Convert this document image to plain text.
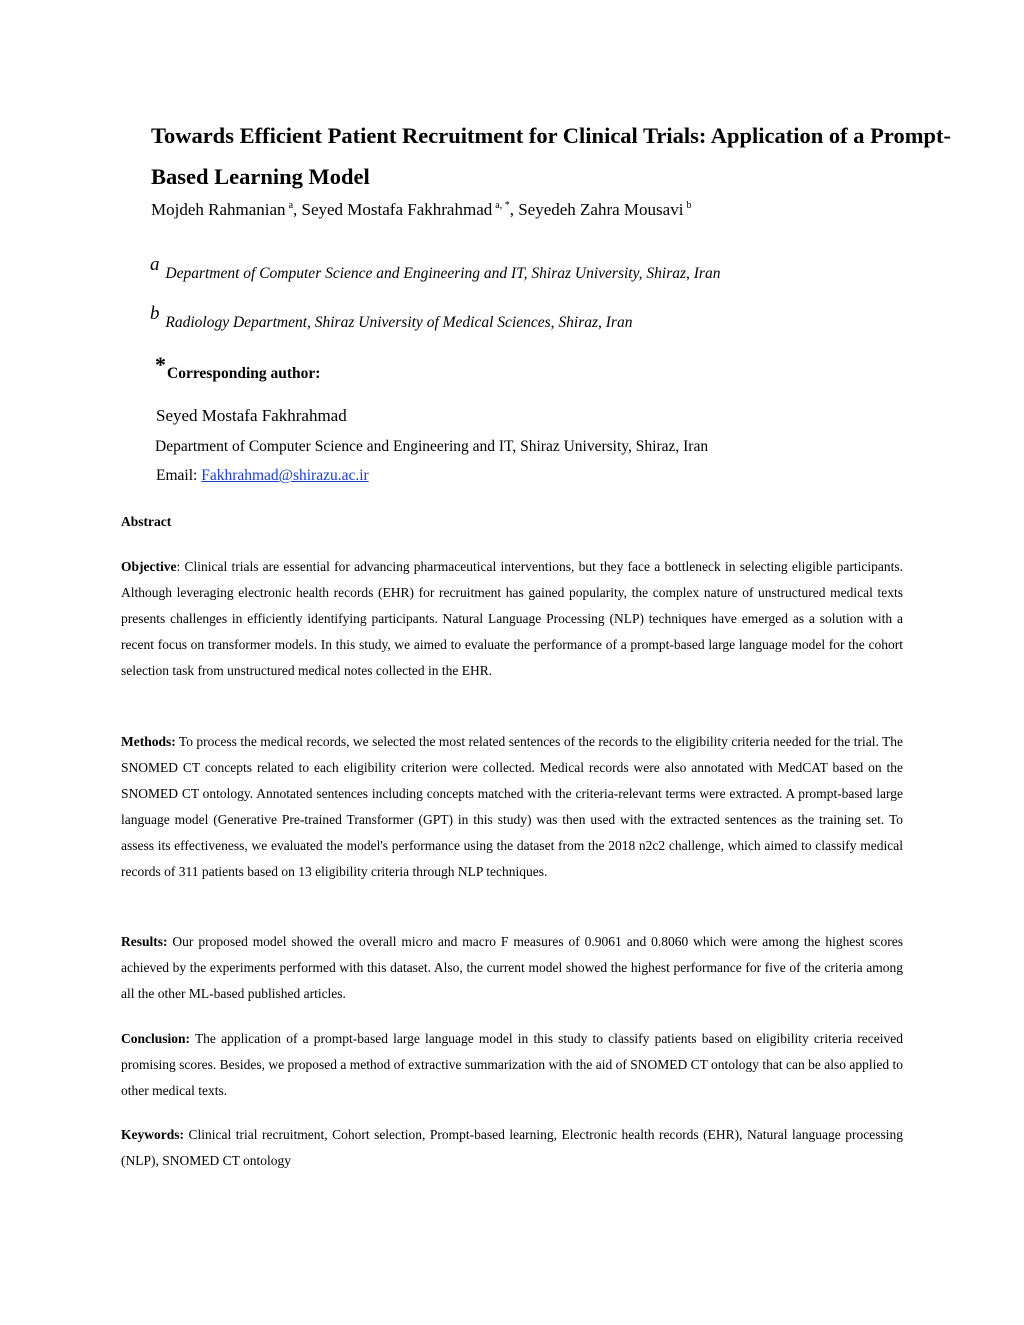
Towards Efficient Patient Recruitment for Clinical Trials: Application of a Prompt-Based Learning Model
Mojdeh Rahmanian $^a$, Seyed Mostafa Fakhrahmad $^{a, *}$, Seyedeh Zahra Mousavi $^b$
a Department of Computer Science and Engineering and IT, Shiraz University, Shiraz, Iran
b Radiology Department, Shiraz University of Medical Sciences, Shiraz, Iran
*Corresponding author:
Seyed Mostafa Fakhrahmad
Department of Computer Science and Engineering and IT, Shiraz University, Shiraz, Iran
Email: Fakhrahmad@shirazu.ac.ir
Abstract
Objective: Clinical trials are essential for advancing pharmaceutical interventions, but they face a bottleneck in selecting eligible participants. Although leveraging electronic health records (EHR) for recruitment has gained popularity, the complex nature of unstructured medical texts presents challenges in efficiently identifying participants. Natural Language Processing (NLP) techniques have emerged as a solution with a recent focus on transformer models. In this study, we aimed to evaluate the performance of a prompt-based large language model for the cohort selection task from unstructured medical notes collected in the EHR.
Methods: To process the medical records, we selected the most related sentences of the records to the eligibility criteria needed for the trial. The SNOMED CT concepts related to each eligibility criterion were collected. Medical records were also annotated with MedCAT based on the SNOMED CT ontology. Annotated sentences including concepts matched with the criteria-relevant terms were extracted. A prompt-based large language model (Generative Pre-trained Transformer (GPT) in this study) was then used with the extracted sentences as the training set. To assess its effectiveness, we evaluated the model's performance using the dataset from the 2018 n2c2 challenge, which aimed to classify medical records of 311 patients based on 13 eligibility criteria through NLP techniques.
Results: Our proposed model showed the overall micro and macro F measures of 0.9061 and 0.8060 which were among the highest scores achieved by the experiments performed with this dataset. Also, the current model showed the highest performance for five of the criteria among all the other ML-based published articles.
Conclusion: The application of a prompt-based large language model in this study to classify patients based on eligibility criteria received promising scores. Besides, we proposed a method of extractive summarization with the aid of SNOMED CT ontology that can be also applied to other medical texts.
Keywords: Clinical trial recruitment, Cohort selection, Prompt-based learning, Electronic health records (EHR), Natural language processing (NLP), SNOMED CT ontology
